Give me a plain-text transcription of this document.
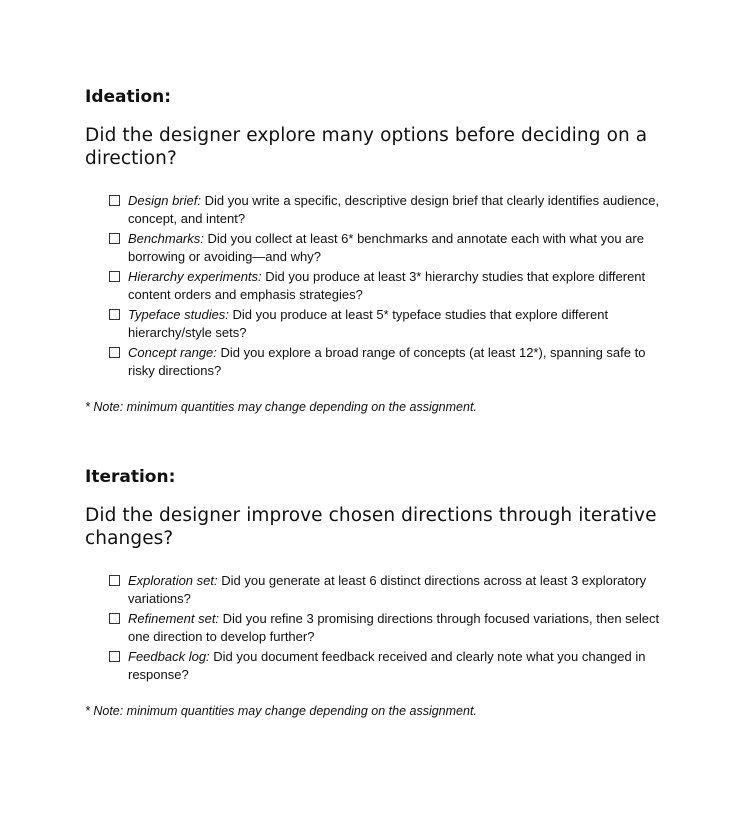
Ideation:

Did the designer explore many options before deciding on a direction?

Design brief: Did you write a specific, descriptive design brief that clearly identifies audience, concept, and intent?
Benchmarks: Did you collect at least 6* benchmarks and annotate each with what you are borrowing or avoiding—and why?
Hierarchy experiments: Did you produce at least 3* hierarchy studies that explore different content orders and emphasis strategies?
Typeface studies: Did you produce at least 5* typeface studies that explore different hierarchy/style sets?
Concept range: Did you explore a broad range of concepts (at least 12*), spanning safe to risky directions?

* Note: minimum quantities may change depending on the assignment.

Iteration:

Did the designer improve chosen directions through iterative changes?

Exploration set: Did you generate at least 6 distinct directions across at least 3 exploratory variations?
Refinement set: Did you refine 3 promising directions through focused variations, then select one direction to develop further?
Feedback log: Did you document feedback received and clearly note what you changed in response?

* Note: minimum quantities may change depending on the assignment.
